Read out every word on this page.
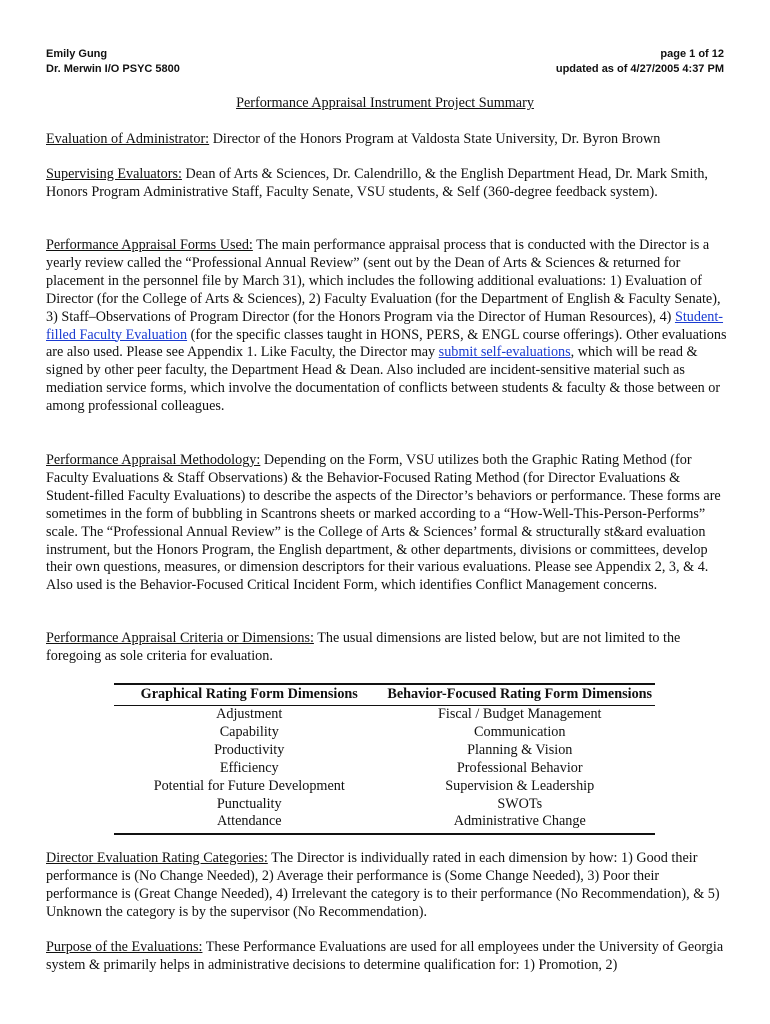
Emily Gung
Dr. Merwin I/O PSYC 5800
page 1 of 12
updated as of 4/27/2005 4:37 PM
Performance Appraisal Instrument Project Summary

Evaluation of Administrator: Director of the Honors Program at Valdosta State University, Dr. Byron Brown

Supervising Evaluators: Dean of Arts & Sciences, Dr. Calendrillo, & the English Department Head, Dr. Mark Smith, Honors Program Administrative Staff, Faculty Senate, VSU students, & Self (360-degree feedback system).

Performance Appraisal Forms Used: The main performance appraisal process that is conducted with the Director is a yearly review called the “Professional Annual Review” (sent out by the Dean of Arts & Sciences & returned for placement in the personnel file by March 31), which includes the following additional evaluations: 1) Evaluation of Director (for the College of Arts & Sciences), 2) Faculty Evaluation (for the Department of English & Faculty Senate), 3) Staff–Observations of Program Director (for the Honors Program via the Director of Human Resources), 4) Student-filled Faculty Evaluation (for the specific classes taught in HONS, PERS, & ENGL course offerings). Other evaluations are also used. Please see Appendix 1. Like Faculty, the Director may submit self-evaluations, which will be read & signed by other peer faculty, the Department Head & Dean. Also included are incident-sensitive material such as mediation service forms, which involve the documentation of conflicts between students & faculty & those between or among professional colleagues.

Performance Appraisal Methodology: Depending on the Form, VSU utilizes both the Graphic Rating Method (for Faculty Evaluations & Staff Observations) & the Behavior-Focused Rating Method (for Director Evaluations & Student-filled Faculty Evaluations) to describe the aspects of the Director’s behaviors or performance. These forms are sometimes in the form of bubbling in Scantrons sheets or marked according to a “How-Well-This-Person-Performs” scale. The “Professional Annual Review” is the College of Arts & Sciences’ formal & structurally st&ard evaluation instrument, but the Honors Program, the English department, & other departments, divisions or committees, develop their own questions, measures, or dimension descriptors for their various evaluations. Please see Appendix 2, 3, & 4. Also used is the Behavior-Focused Critical Incident Form, which identifies Conflict Management concerns.

Performance Appraisal Criteria or Dimensions: The usual dimensions are listed below, but are not limited to the foregoing as sole criteria for evaluation.

Graphical Rating Form Dimensions	Behavior-Focused Rating Form Dimensions

Adjustment	Fiscal / Budget Management
Capability	Communication
Productivity	Planning & Vision
Efficiency	Professional Behavior
Potential for Future Development	Supervision & Leadership
Punctuality	SWOTs
Attendance	Administrative Change

Director Evaluation Rating Categories: The Director is individually rated in each dimension by how: 1) Good their performance is (No Change Needed), 2) Average their performance is (Some Change Needed), 3) Poor their performance is (Great Change Needed), 4) Irrelevant the category is to their performance (No Recommendation), & 5) Unknown the category is by the supervisor (No Recommendation).

Purpose of the Evaluations: These Performance Evaluations are used for all employees under the University of Georgia system & primarily helps in administrative decisions to determine qualification for: 1) Promotion, 2)
